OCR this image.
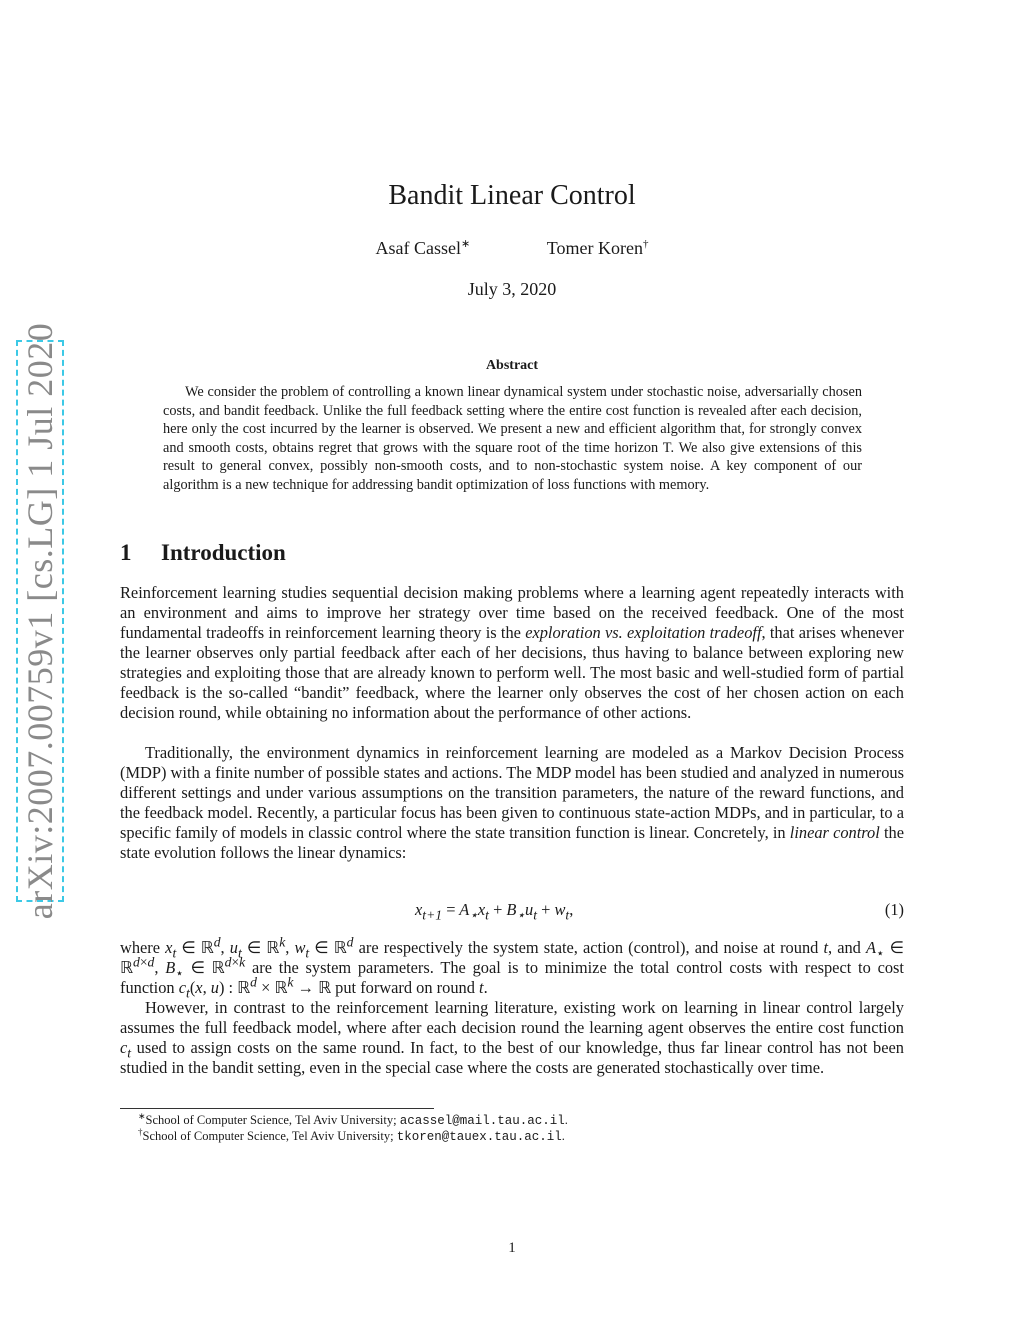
arXiv:2007.00759v1 [cs.LG] 1 Jul 2020
Bandit Linear Control
Asaf Cassel∗	Tomer Koren†
July 3, 2020
Abstract

We consider the problem of controlling a known linear dynamical system under stochastic noise, adversarially chosen costs, and bandit feedback. Unlike the full feedback setting where the entire cost function is revealed after each decision, here only the cost incurred by the learner is observed. We present a new and efficient algorithm that, for strongly convex and smooth costs, obtains regret that grows with the square root of the time horizon T. We also give extensions of this result to general convex, possibly non-smooth costs, and to non-stochastic system noise. A key component of our algorithm is a new technique for addressing bandit optimization of loss functions with memory.

1 Introduction

Reinforcement learning studies sequential decision making problems where a learning agent repeatedly interacts with an environment and aims to improve her strategy over time based on the received feedback. One of the most fundamental tradeoffs in reinforcement learning theory is the exploration vs. exploitation tradeoff, that arises whenever the learner observes only partial feedback after each of her decisions, thus having to balance between exploring new strategies and exploiting those that are already known to perform well. The most basic and well-studied form of partial feedback is the so-called “bandit” feedback, where the learner only observes the cost of her chosen action on each decision round, while obtaining no information about the performance of other actions.

Traditionally, the environment dynamics in reinforcement learning are modeled as a Markov Decision Process (MDP) with a finite number of possible states and actions. The MDP model has been studied and analyzed in numerous different settings and under various assumptions on the transition parameters, the nature of the reward functions, and the feedback model. Recently, a particular focus has been given to continuous state-action MDPs, and in particular, to a specific family of models in classic control where the state transition function is linear. Concretely, in linear control the state evolution follows the linear dynamics:

$x_{t+1} = A_⋆x_t + B_⋆u_t + w_t$,	(1)

where $x_t$ ∈ ℝ$^d$, $u_t$ ∈ ℝ$^k$, $w_t$ ∈ ℝ$^d$ are respectively the system state, action (control), and noise at round t, and $A_⋆$ ∈ ℝ$^{d\times d}$, $B_⋆$ ∈ ℝ$^{d\times k}$ are the system parameters. The goal is to minimize the total control costs with respect to cost function $c_t(x$, u) : ℝ$^d$ × ℝ$^k$ → ℝ put forward on round t.

However, in contrast to the reinforcement learning literature, existing work on learning in linear control largely assumes the full feedback model, where after each decision round the learning agent observes the entire cost function $c_t$ used to assign costs on the same round. In fact, to the best of our knowledge, thus far linear control has not been studied in the bandit setting, even in the special case where the costs are generated stochastically over time.

∗School of Computer Science, Tel Aviv University; acassel@mail.tau.ac.il.
†School of Computer Science, Tel Aviv University; tkoren@tauex.tau.ac.il.
1
